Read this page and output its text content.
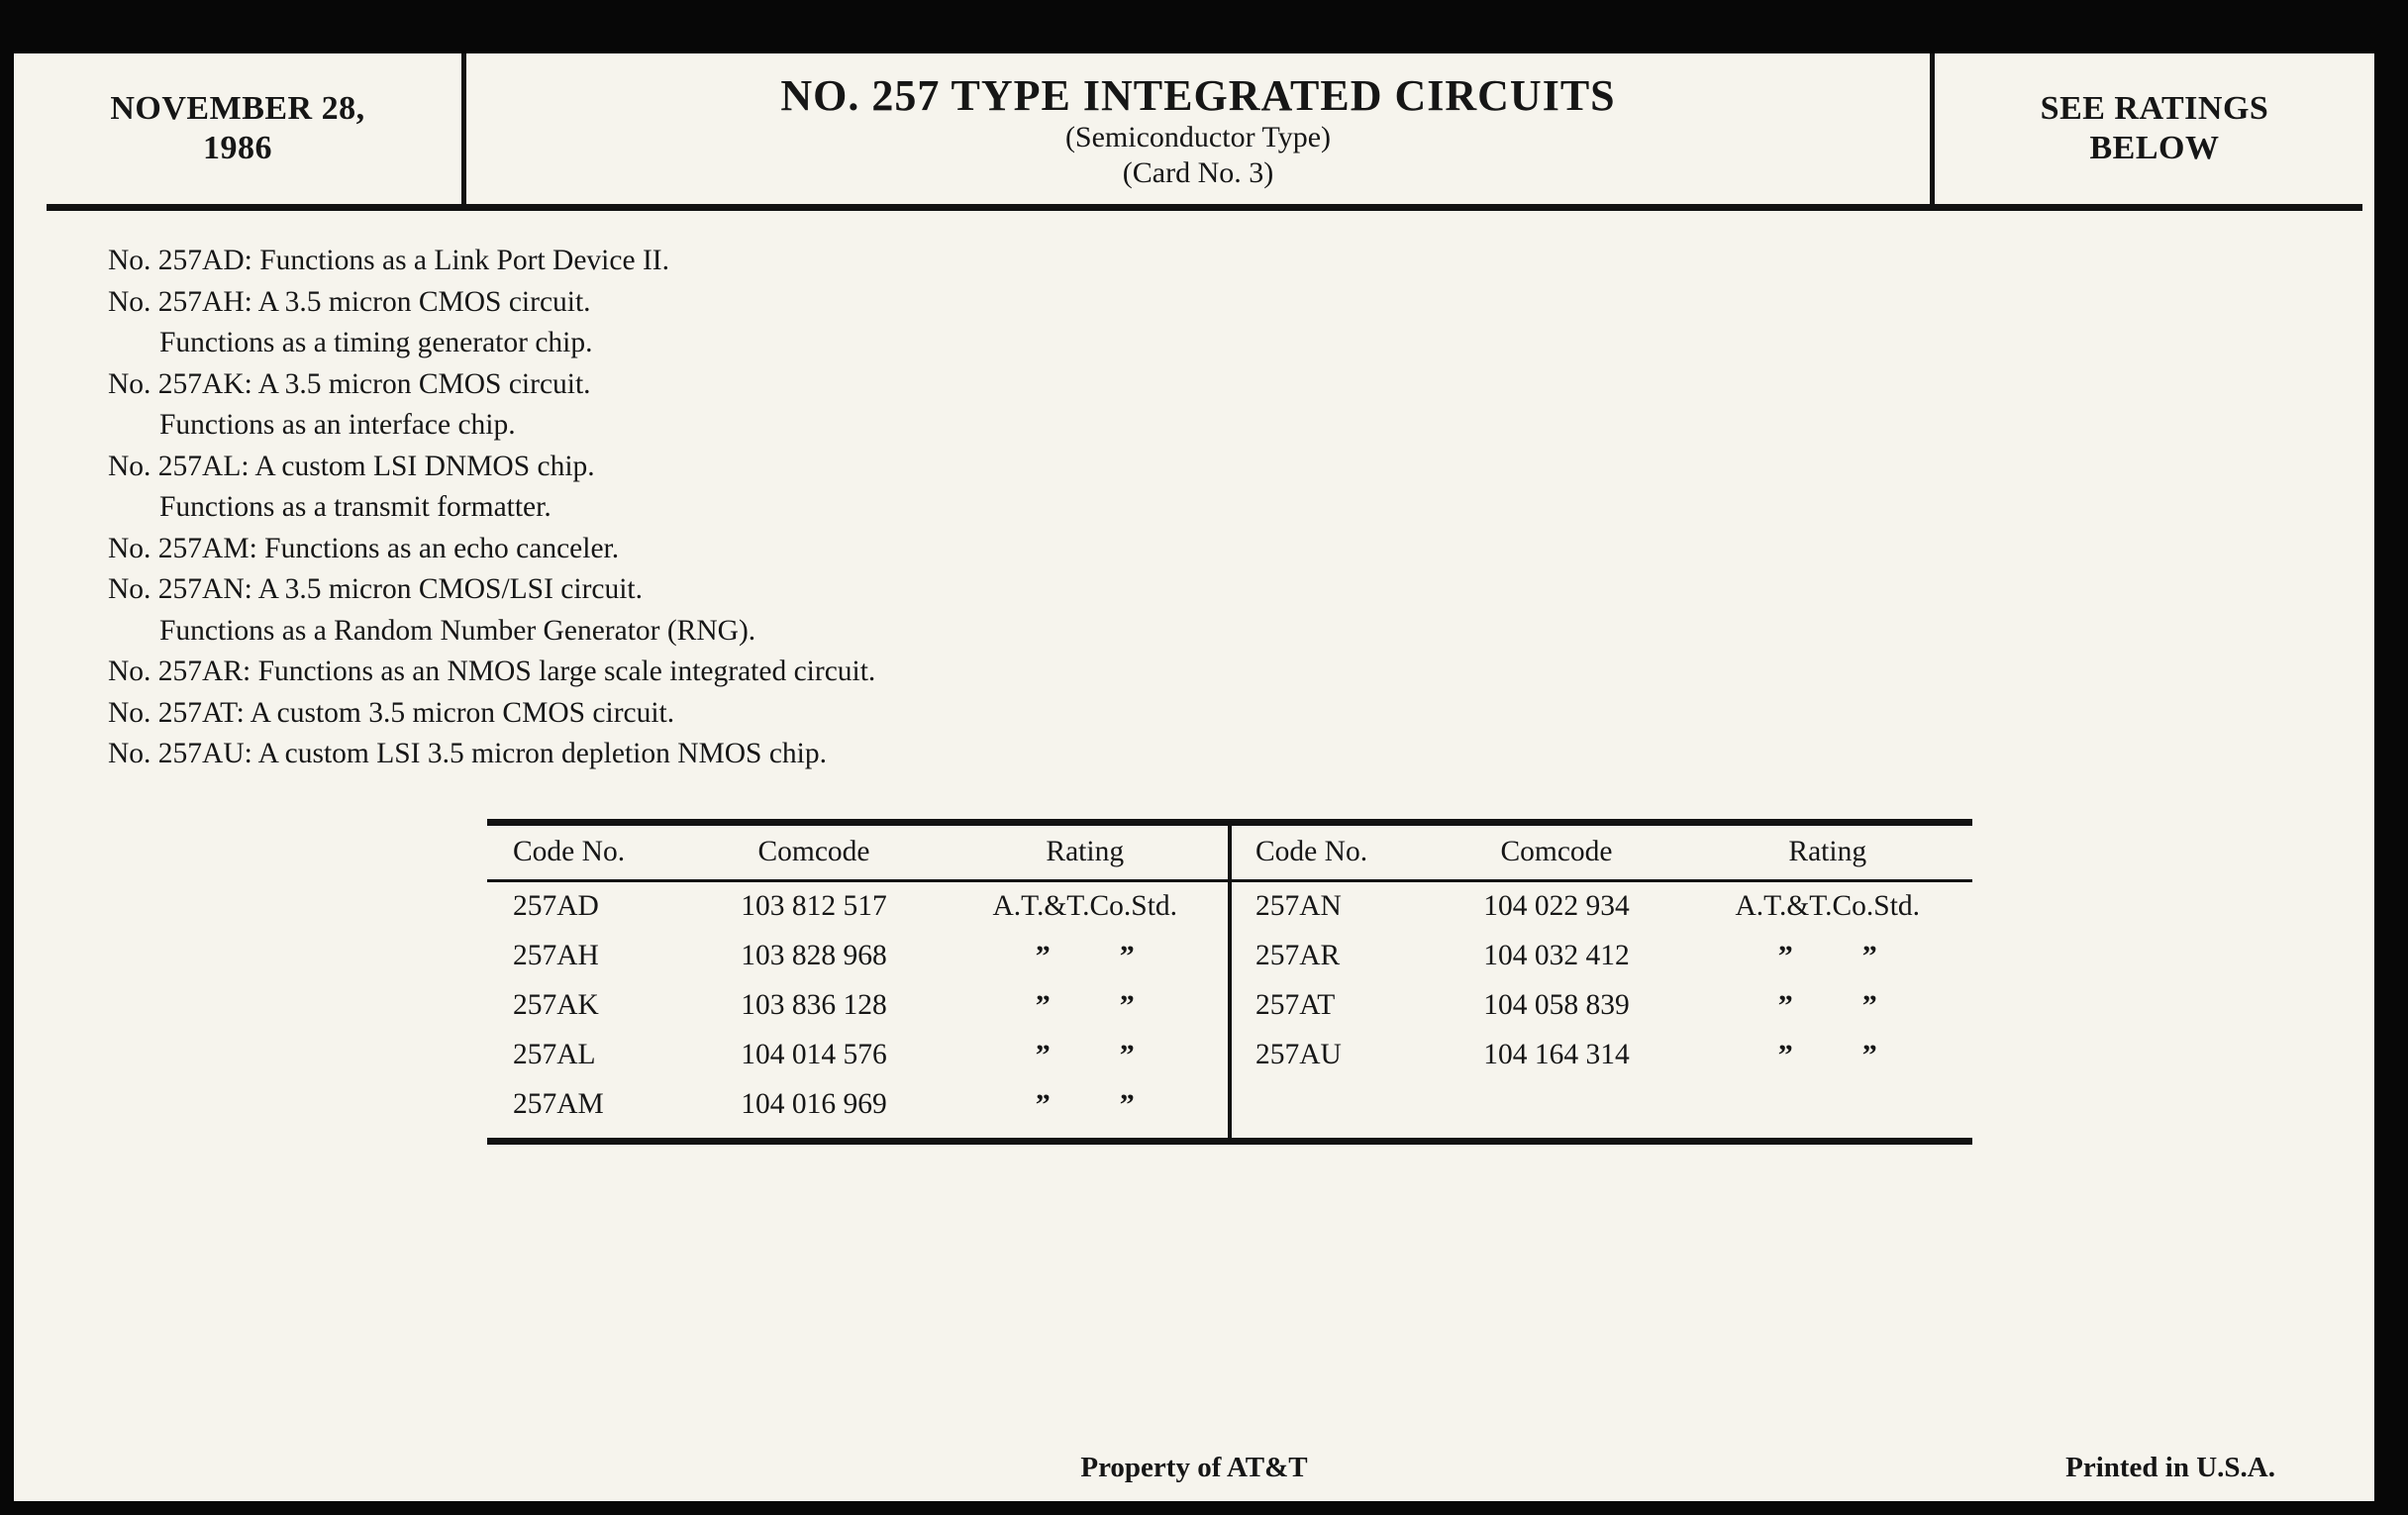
NOVEMBER 28,
1986
NO. 257 TYPE INTEGRATED CIRCUITS
(Semiconductor Type)
(Card No. 3)
SEE RATINGS
BELOW
No. 257AD: Functions as a Link Port Device II.
No. 257AH: A 3.5 micron CMOS circuit.
Functions as a timing generator chip.
No. 257AK: A 3.5 micron CMOS circuit.
Functions as an interface chip.
No. 257AL: A custom LSI DNMOS chip.
Functions as a transmit formatter.
No. 257AM: Functions as an echo canceler.
No. 257AN: A 3.5 micron CMOS/LSI circuit.
Functions as a Random Number Generator (RNG).
No. 257AR: Functions as an NMOS large scale integrated circuit.
No. 257AT: A custom 3.5 micron CMOS circuit.
No. 257AU: A custom LSI 3.5 micron depletion NMOS chip.
Code No.	Comcode	Rating	Code No.	Comcode	Rating
257AD	103 812 517	A.T.&T.Co.Std.
257AH	103 828 968	” ”
257AK	103 836 128	” ”
257AL	104 014 576	” ”
257AM	104 016 969	” ”
257AN	104 022 934	A.T.&T.Co.Std.
257AR	104 032 412	” ”
257AT	104 058 839	” ”
257AU	104 164 314	” ”
Property of AT&T	Printed in U.S.A.
